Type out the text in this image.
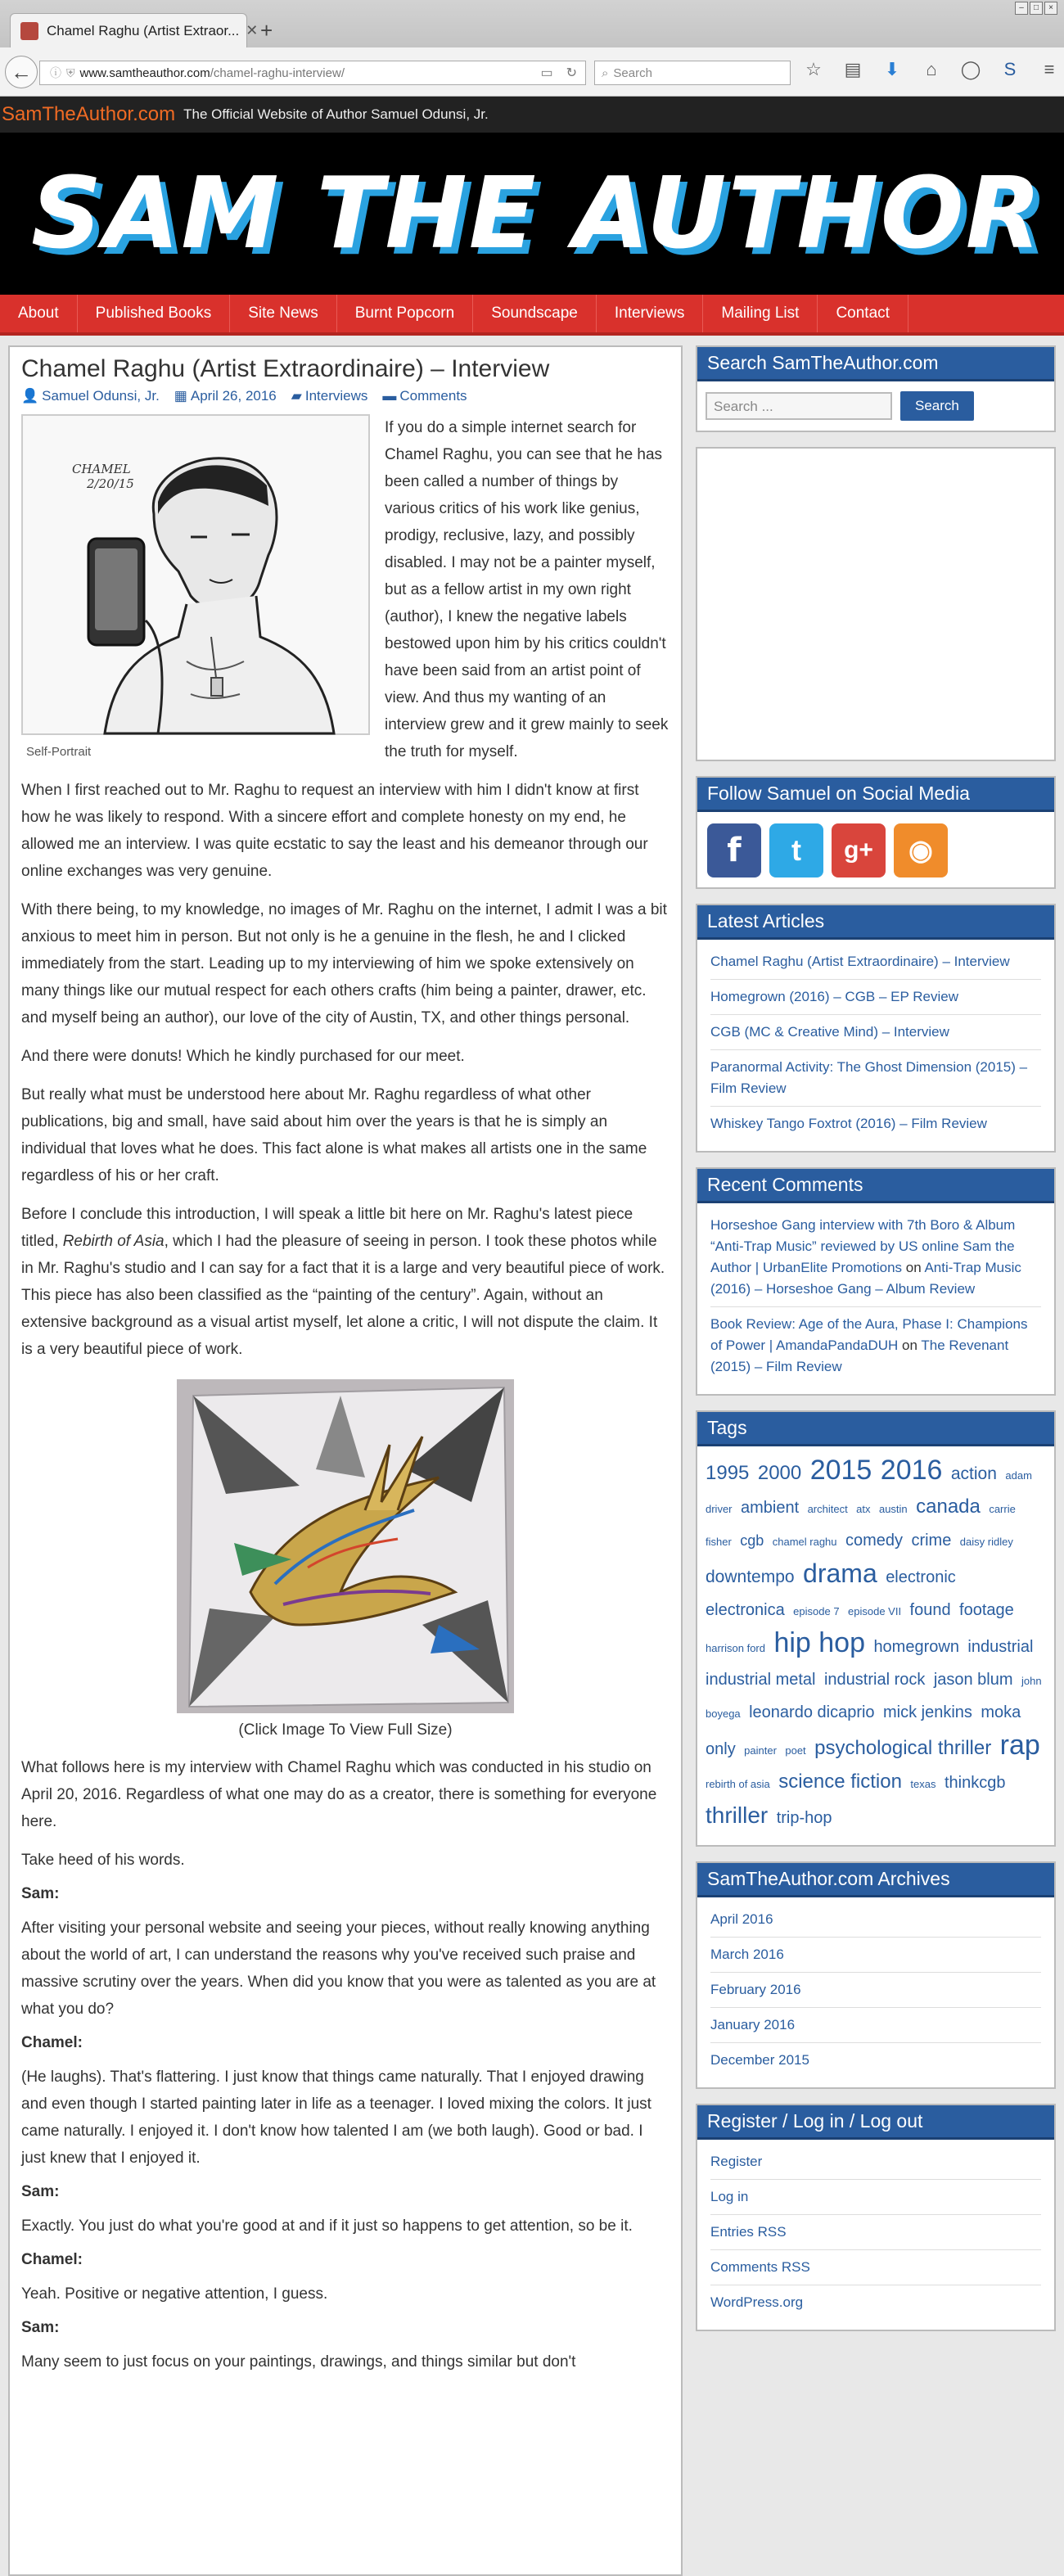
Chamel Raghu (Artist Extraor... ✕ +
–	□	×
←	ⓘ ⛨ www.samtheauthor.com /chamel-raghu-interview/	▭ ↻ ⌕ Search	☆ ▤ ⬇	⌂	◯	S	≡
SamTheAuthor.com The Official Website of Author Samuel Odunsi, Jr.
SAM THE AUTHOR
About	Published Books	Site News	Burnt Popcorn	Soundscape	Interviews	Mailing List	Contact
Chamel Raghu (Artist Extraordinaire) – Interview
👤 Samuel Odunsi, Jr. ▦ April 26, 2016 ▰ Interviews ▬ Comments
CHAMEL 2/20/15
Self-Portrait

If you do a simple internet search for Chamel Raghu, you can see that he has been called a number of things by various critics of his work like genius, prodigy, reclusive, lazy, and possibly disabled. I may not be a painter myself, but as a fellow artist in my own right (author), I knew the negative labels bestowed upon him by his critics couldn't have been said from an artist point of view. And thus my wanting of an interview grew and it grew mainly to seek the truth for myself.

When I first reached out to Mr. Raghu to request an interview with him I didn't know at first how he was likely to respond. With a sincere effort and complete honesty on my end, he allowed me an interview. I was quite ecstatic to say the least and his demeanor through our online exchanges was very genuine.

With there being, to my knowledge, no images of Mr. Raghu on the internet, I admit I was a bit anxious to meet him in person. But not only is he a genuine in the flesh, he and I clicked immediately from the start. Leading up to my interviewing of him we spoke extensively on many things like our mutual respect for each others crafts (him being a painter, drawer, etc. and myself being an author), our love of the city of Austin, TX, and other things personal.

And there were donuts! Which he kindly purchased for our meet.

But really what must be understood here about Mr. Raghu regardless of what other publications, big and small, have said about him over the years is that he is simply an individual that loves what he does. This fact alone is what makes all artists one in the same regardless of his or her craft.

Before I conclude this introduction, I will speak a little bit here on Mr. Raghu's latest piece titled, Rebirth of Asia, which I had the pleasure of seeing in person. I took these photos while in Mr. Raghu's studio and I can say for a fact that it is a large and very beautiful piece of work. This piece has also been classified as the “painting of the century”. Again, without an extensive background as a visual artist myself, let alone a critic, I will not dispute the claim. It is a very beautiful piece of work.

(Click Image To View Full Size)

What follows here is my interview with Chamel Raghu which was conducted in his studio on April 20, 2016. Regardless of what one may do as a creator, there is something for everyone here.

Take heed of his words.

Sam:

After visiting your personal website and seeing your pieces, without really knowing anything about the world of art, I can understand the reasons why you've received such praise and massive scrutiny over the years. When did you know that you were as talented as you are at what you do?

Chamel:

(He laughs). That's flattering. I just know that things came naturally. That I enjoyed drawing and even though I started painting later in life as a teenager. I loved mixing the colors. It just came naturally. I enjoyed it. I don't know how talented I am (we both laugh). Good or bad. I just knew that I enjoyed it.

Sam:

Exactly. You just do what you're good at and if it just so happens to get attention, so be it.

Chamel:

Yeah. Positive or negative attention, I guess.

Sam:

Many seem to just focus on your paintings, drawings, and things similar but don't

Search SamTheAuthor.com
Search ...	Search
Follow Samuel on Social Media
f	t	g+	◉
Latest Articles
Chamel Raghu (Artist Extraordinaire) – Interview
Homegrown (2016) – CGB – EP Review
CGB (MC & Creative Mind) – Interview
Paranormal Activity: The Ghost Dimension (2015) – Film Review
Whiskey Tango Foxtrot (2016) – Film Review
Recent Comments
Horseshoe Gang interview with 7th Boro & Album “Anti-Trap Music” reviewed by US online Sam the Author | UrbanElite Promotions on Anti-Trap Music (2016) – Horseshoe Gang – Album Review
Book Review: Age of the Aura, Phase I: Champions of Power | AmandaPandaDUH on The Revenant (2015) – Film Review
Tags
1995 2000 2015 2016 action adam driver ambient architect atx austin canada carrie fisher cgb chamel raghu comedy crime daisy ridley downtempo drama electronic electronica episode 7 episode VII found footage harrison ford hip hop homegrown industrial industrial metal industrial rock jason blum john boyega leonardo dicaprio mick jenkins moka only painter poet psychological thriller rap rebirth of asia science fiction texas thinkcgb thriller trip-hop
SamTheAuthor.com Archives
April 2016
March 2016
February 2016
January 2016
December 2015
Register / Log in / Log out
Register
Log in
Entries RSS
Comments RSS
WordPress.org
